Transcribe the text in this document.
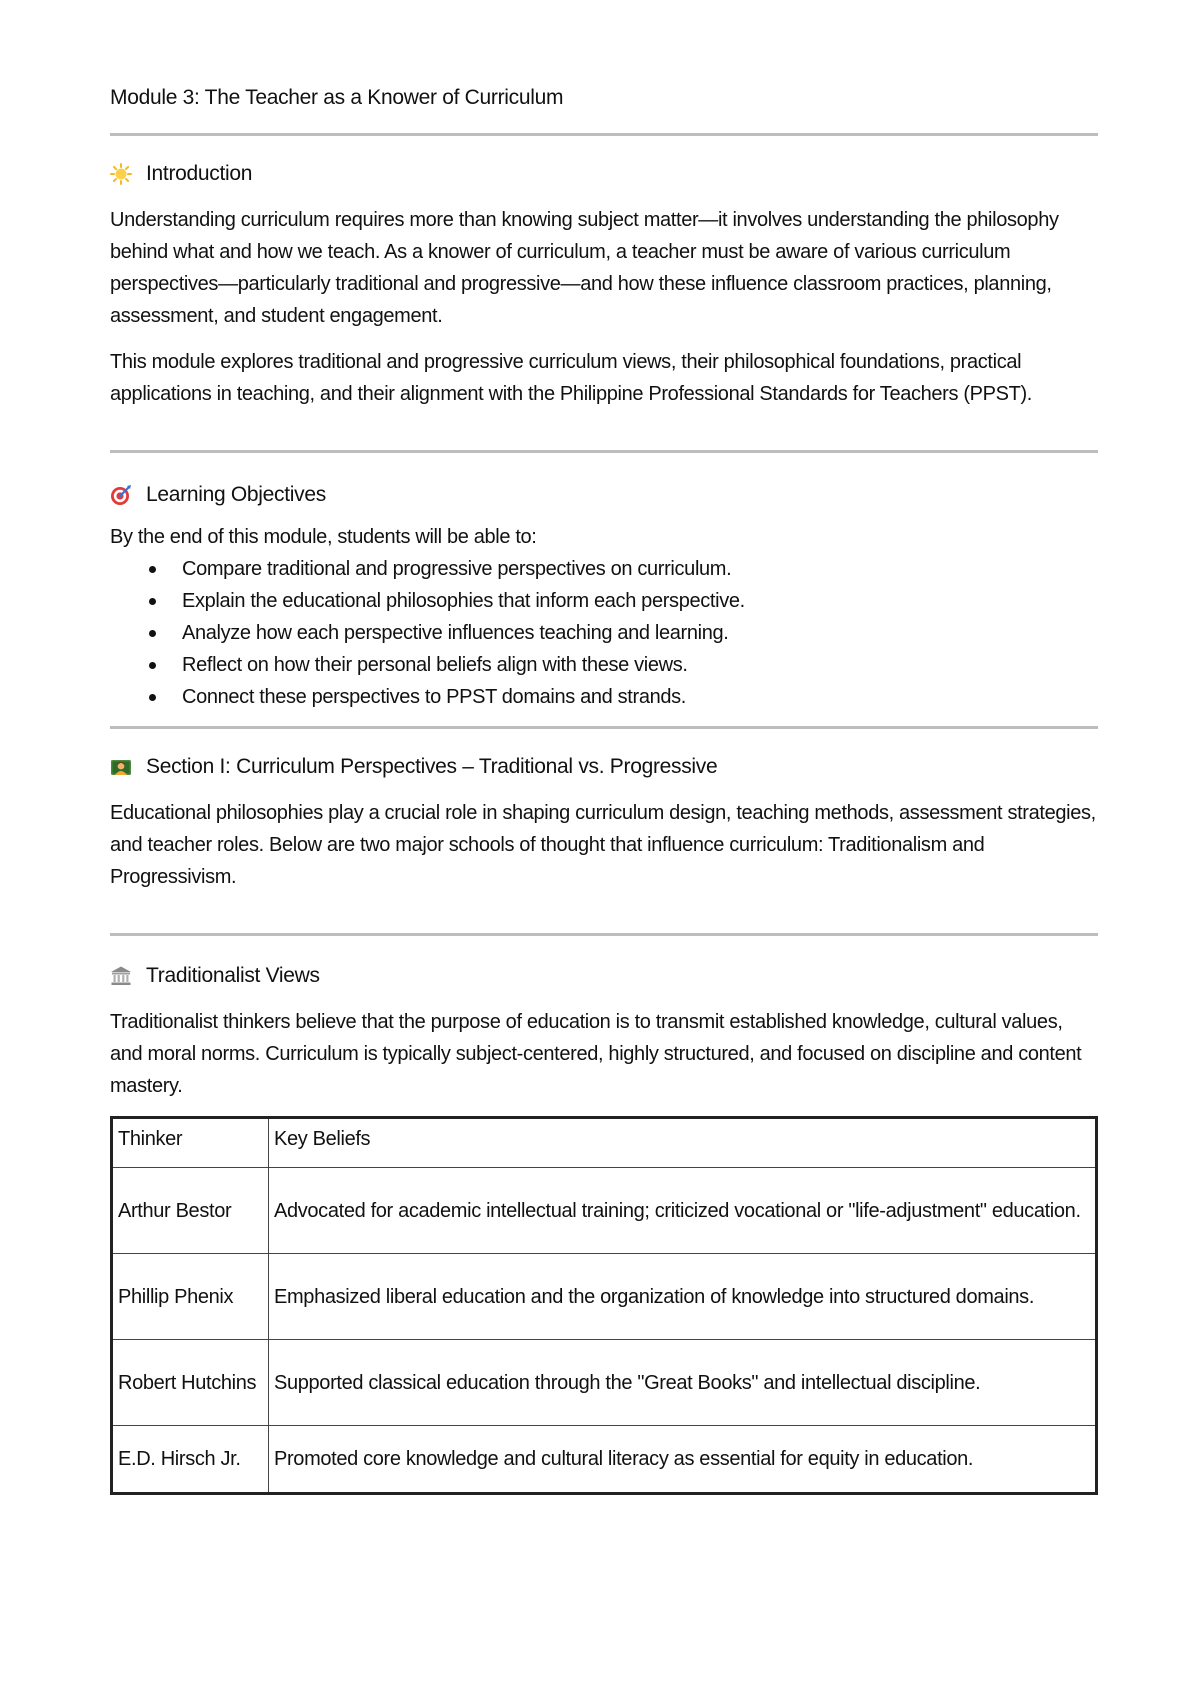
Module 3: The Teacher as a Knower of Curriculum
Introduction

Understanding curriculum requires more than knowing subject matter—it involves understanding the philosophy behind what and how we teach. As a knower of curriculum, a teacher must be aware of various curriculum perspectives—particularly traditional and progressive—and how these influence classroom practices, planning, assessment, and student engagement.

This module explores traditional and progressive curriculum views, their philosophical foundations, practical applications in teaching, and their alignment with the Philippine Professional Standards for Teachers (PPST).

Learning Objectives

By the end of this module, students will be able to:

Compare traditional and progressive perspectives on curriculum.
Explain the educational philosophies that inform each perspective.
Analyze how each perspective influences teaching and learning.
Reflect on how their personal beliefs align with these views.
Connect these perspectives to PPST domains and strands.
Section I: Curriculum Perspectives – Traditional vs. Progressive

Educational philosophies play a crucial role in shaping curriculum design, teaching methods, assessment strategies, and teacher roles. Below are two major schools of thought that influence curriculum: Traditionalism and Progressivism.

Traditionalist Views

Traditionalist thinkers believe that the purpose of education is to transmit established knowledge, cultural values, and moral norms. Curriculum is typically subject-centered, highly structured, and focused on discipline and content mastery.

Thinker	Key Beliefs
Arthur Bestor	Advocated for academic intellectual training; criticized vocational or "life-adjustment" education.
Phillip Phenix	Emphasized liberal education and the organization of knowledge into structured domains.
Robert Hutchins	Supported classical education through the "Great Books" and intellectual discipline.
E.D. Hirsch Jr.	Promoted core knowledge and cultural literacy as essential for equity in education.
